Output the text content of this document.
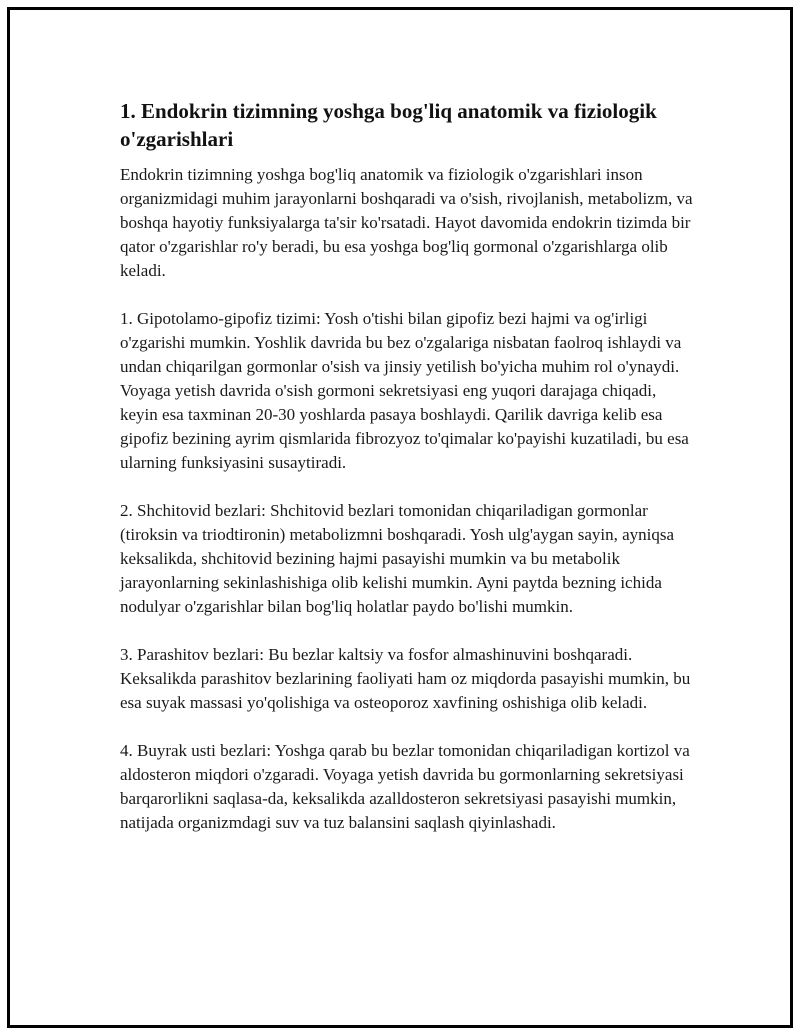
1. Endokrin tizimning yoshga bog'liq anatomik va fiziologik o'zgarishlari

Endokrin tizimning yoshga bog'liq anatomik va fiziologik o'zgarishlari inson organizmidagi muhim jarayonlarni boshqaradi va o'sish, rivojlanish, metabolizm, va boshqa hayotiy funksiyalarga ta'sir ko'rsatadi. Hayot davomida endokrin tizimda bir qator o'zgarishlar ro'y beradi, bu esa yoshga bog'liq gormonal o'zgarishlarga olib keladi.

1. Gipotolamo-gipofiz tizimi: Yosh o'tishi bilan gipofiz bezi hajmi va og'irligi o'zgarishi mumkin. Yoshlik davrida bu bez o'zgalariga nisbatan faolroq ishlaydi va undan chiqarilgan gormonlar o'sish va jinsiy yetilish bo'yicha muhim rol o'ynaydi. Voyaga yetish davrida o'sish gormoni sekretsiyasi eng yuqori darajaga chiqadi, keyin esa taxminan 20-30 yoshlarda pasaya boshlaydi. Qarilik davriga kelib esa gipofiz bezining ayrim qismlarida fibrozyoz to'qimalar ko'payishi kuzatiladi, bu esa ularning funksiyasini susaytiradi.

2. Shchitovid bezlari: Shchitovid bezlari tomonidan chiqariladigan gormonlar (tiroksin va triodtironin) metabolizmni boshqaradi. Yosh ulg'aygan sayin, ayniqsa keksalikda, shchitovid bezining hajmi pasayishi mumkin va bu metabolik jarayonlarning sekinlashishiga olib kelishi mumkin. Ayni paytda bezning ichida nodulyar o'zgarishlar bilan bog'liq holatlar paydo bo'lishi mumkin.

3. Parashitov bezlari: Bu bezlar kaltsiy va fosfor almashinuvini boshqaradi. Keksalikda parashitov bezlarining faoliyati ham oz miqdorda pasayishi mumkin, bu esa suyak massasi yo'qolishiga va osteoporoz xavfining oshishiga olib keladi.

4. Buyrak usti bezlari: Yoshga qarab bu bezlar tomonidan chiqariladigan kortizol va aldosteron miqdori o'zgaradi. Voyaga yetish davrida bu gormonlarning sekretsiyasi barqarorlikni saqlasa-da, keksalikda azalldosteron sekretsiyasi pasayishi mumkin, natijada organizmdagi suv va tuz balansini saqlash qiyinlashadi.
